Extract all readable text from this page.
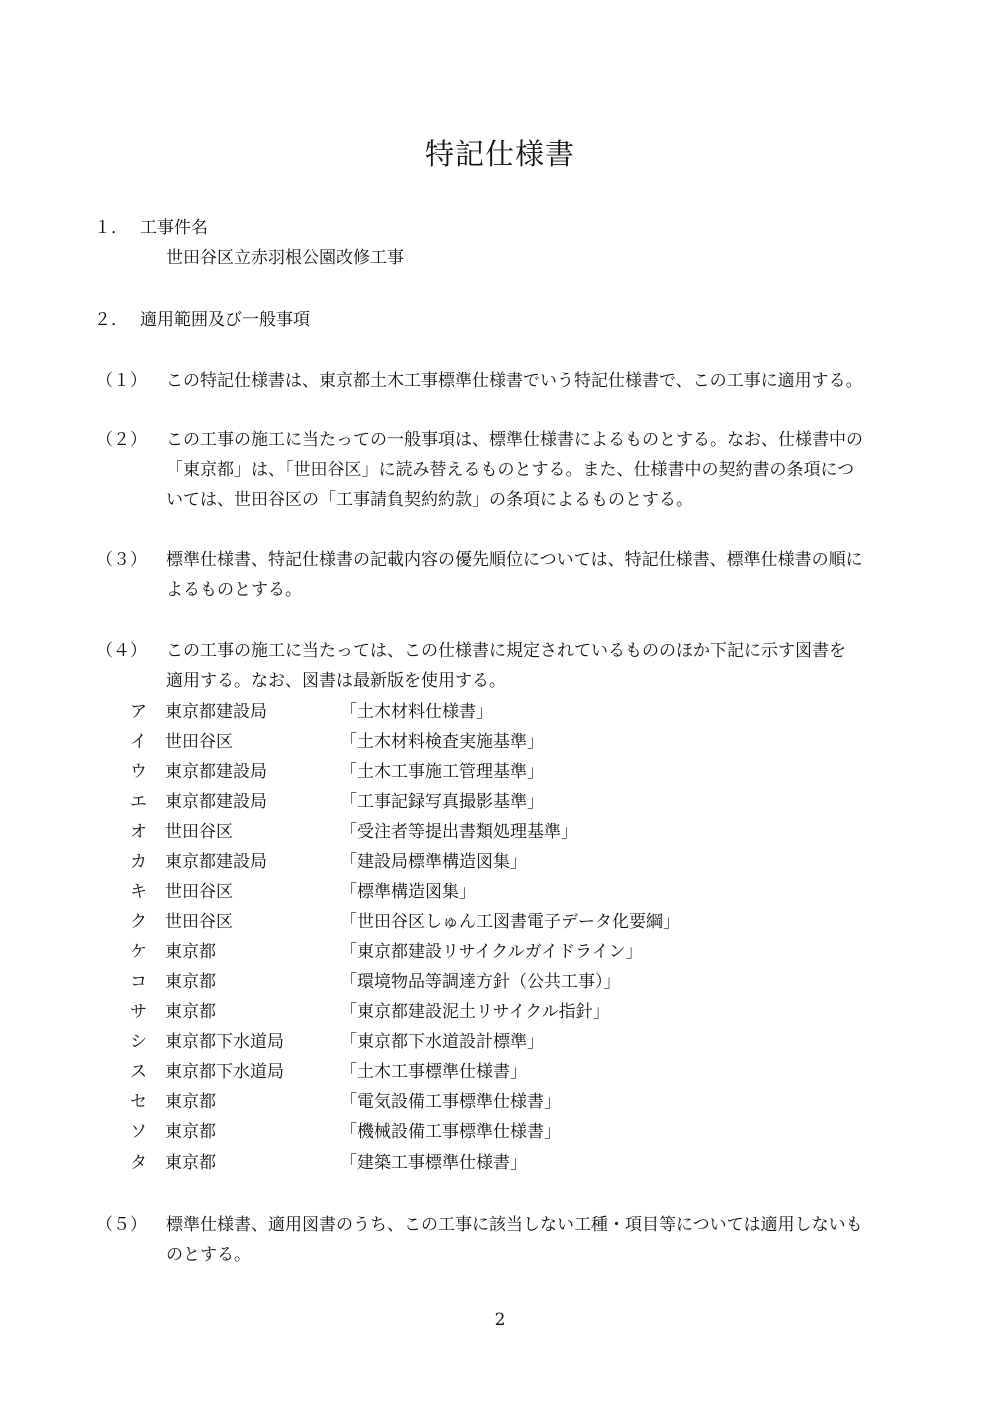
特記仕様書
１． 工事件名
世田谷区立赤羽根公園改修工事
２． 適用範囲及び一般事項
（１） この特記仕様書は、東京都土木工事標準仕様書でいう特記仕様書で、この工事に適用する。
（２） この工事の施工に当たっての一般事項は、標準仕様書によるものとする。なお、仕様書中の
「東京都」は、「世田谷区」に読み替えるものとする。また、仕様書中の契約書の条項につ
いては、世田谷区の「工事請負契約約款」の条項によるものとする。
（３） 標準仕様書、特記仕様書の記載内容の優先順位については、特記仕様書、標準仕様書の順に
よるものとする。
（４） この工事の施工に当たっては、この仕様書に規定されているもののほか下記に示す図書を
適用する。なお、図書は最新版を使用する。
ア 東京都建設局	「土木材料仕様書」
イ 世田谷区	「土木材料検査実施基準」
ウ 東京都建設局	「土木工事施工管理基準」
エ 東京都建設局	「工事記録写真撮影基準」
オ 世田谷区	「受注者等提出書類処理基準」
カ 東京都建設局	「建設局標準構造図集」
キ 世田谷区	「標準構造図集」
ク 世田谷区	「世田谷区しゅん工図書電子データ化要綱」
ケ 東京都	「東京都建設リサイクルガイドライン」
コ 東京都	「環境物品等調達方針（公共工事）」
サ 東京都	「東京都建設泥土リサイクル指針」
シ 東京都下水道局	「東京都下水道設計標準」
ス 東京都下水道局	「土木工事標準仕様書」
セ 東京都	「電気設備工事標準仕様書」
ソ 東京都	「機械設備工事標準仕様書」
タ 東京都	「建築工事標準仕様書」
（５） 標準仕様書、適用図書のうち、この工事に該当しない工種・項目等については適用しないも
のとする。
2
